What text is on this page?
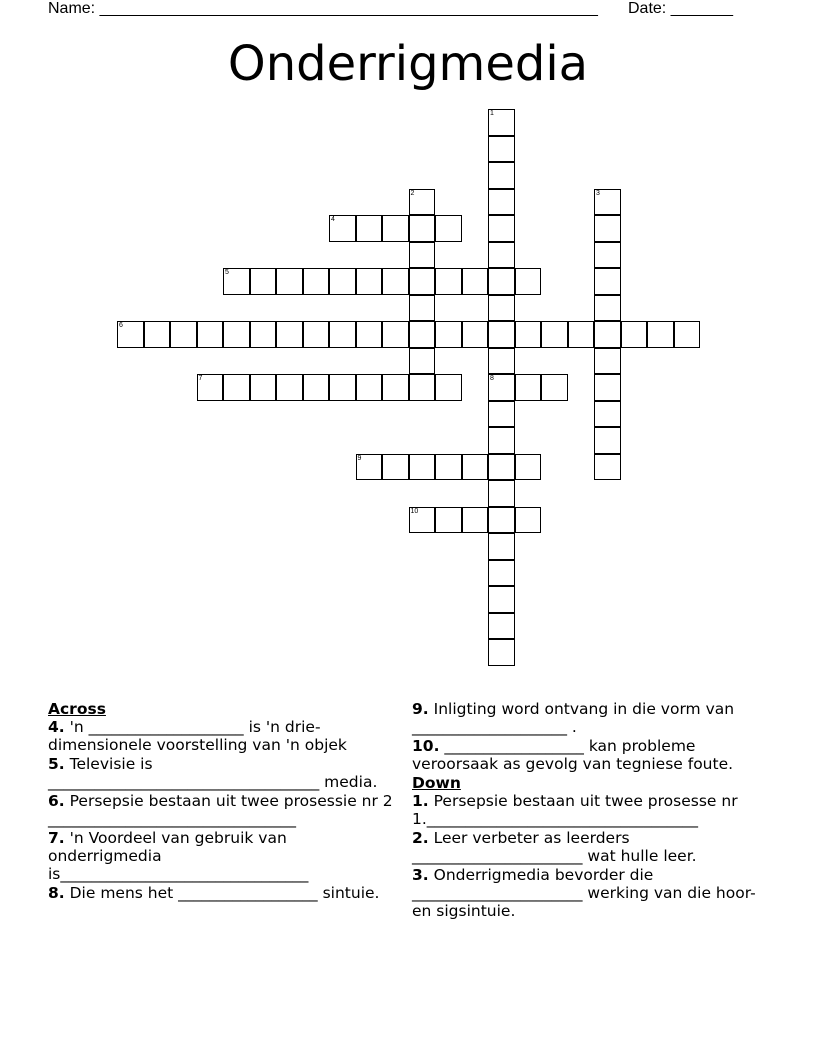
Name: ________________________________________________________ Date: _______
Onderrigmedia
1
8
2	3
4
5
6
7
9
10

Across

4. 'n ____________________ is 'n drie-dimensionele voorstelling van 'n objek

5. Televisie is ___________________________________ media.

6. Persepsie bestaan uit twee prosessie nr 2 ________________________________

7. 'n Voordeel van gebruik van onderrigmedia is________________________________

8. Die mens het __________________ sintuie.

9. Inligting word ontvang in die vorm van ____________________ .

10. __________________ kan probleme veroorsaak as gevolg van tegniese foute.

Down

1. Persepsie bestaan uit twee prosesse nr 1.___________________________________

2. Leer verbeter as leerders ______________________ wat hulle leer.

3. Onderrigmedia bevorder die ______________________ werking van die hoor- en sigsintuie.
